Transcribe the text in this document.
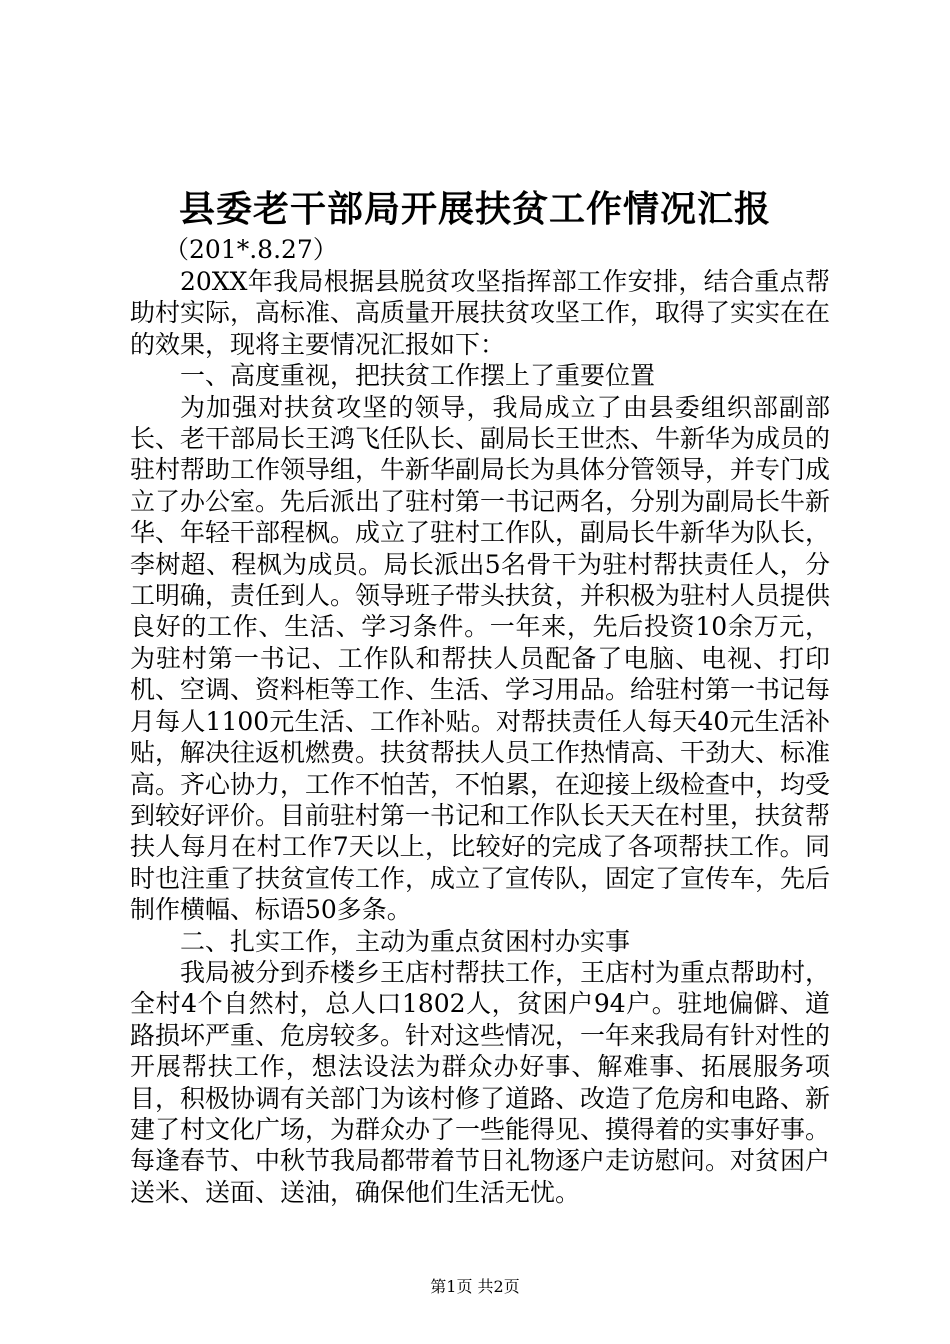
县委老干部局开展扶贫工作情况汇报
（201*.8.27）

20XX年我局根据县脱贫攻坚指挥部工作安排，结合重点帮助村实际，高标准、高质量开展扶贫攻坚工作，取得了实实在在的效果，现将主要情况汇报如下：

一、高度重视，把扶贫工作摆上了重要位置

为加强对扶贫攻坚的领导，我局成立了由县委组织部副部长、老干部局长王鸿飞任队长、副局长王世杰、牛新华为成员的驻村帮助工作领导组，牛新华副局长为具体分管领导，并专门成立了办公室。先后派出了驻村第一书记两名，分别为副局长牛新华、年轻干部程枫。成立了驻村工作队，副局长牛新华为队长，李树超、程枫为成员。局长派出5名骨干为驻村帮扶责任人，分工明确，责任到人。领导班子带头扶贫，并积极为驻村人员提供良好的工作、生活、学习条件。一年来，先后投资10余万元，为驻村第一书记、工作队和帮扶人员配备了电脑、电视、打印机、空调、资料柜等工作、生活、学习用品。给驻村第一书记每月每人1100元生活、工作补贴。对帮扶责任人每天40元生活补贴，解决往返机燃费。扶贫帮扶人员工作热情高、干劲大、标准高。齐心协力，工作不怕苦，不怕累，在迎接上级检查中，均受到较好评价。目前驻村第一书记和工作队长天天在村里，扶贫帮扶人每月在村工作7天以上，比较好的完成了各项帮扶工作。同时也注重了扶贫宣传工作，成立了宣传队，固定了宣传车，先后制作横幅、标语50多条。

二、扎实工作，主动为重点贫困村办实事

我局被分到乔楼乡王店村帮扶工作，王店村为重点帮助村，全村4个自然村，总人口1802人，贫困户94户。驻地偏僻、道路损坏严重、危房较多。针对这些情况，一年来我局有针对性的开展帮扶工作，想法设法为群众办好事、解难事、拓展服务项目，积极协调有关部门为该村修了道路、改造了危房和电路、新建了村文化广场，为群众办了一些能得见、摸得着的实事好事。每逢春节、中秋节我局都带着节日礼物逐户走访慰问。对贫困户送米、送面、送油，确保他们生活无忧。

第1页 共2页
